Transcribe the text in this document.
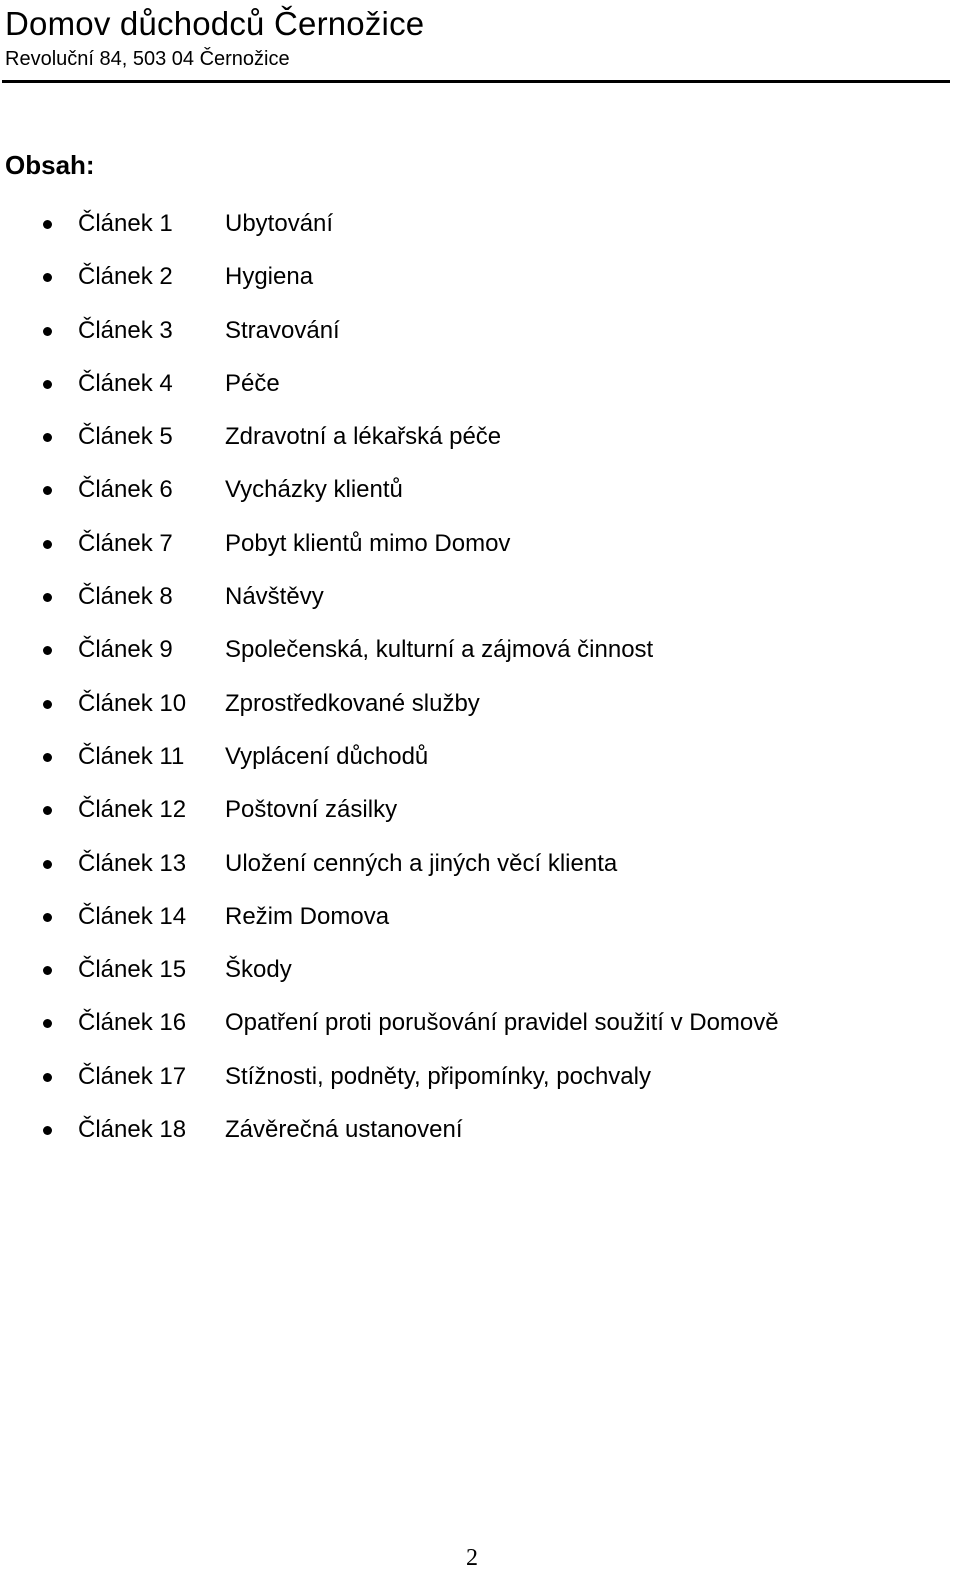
Domov důchodců Černožice
Revoluční 84, 503 04 Černožice
Obsah:
Článek 1 Ubytování
Článek 2 Hygiena
Článek 3 Stravování
Článek 4 Péče
Článek 5 Zdravotní a lékařská péče
Článek 6 Vycházky klientů
Článek 7 Pobyt klientů mimo Domov
Článek 8 Návštěvy
Článek 9 Společenská, kulturní a zájmová činnost
Článek 10 Zprostředkované služby
Článek 11 Vyplácení důchodů
Článek 12 Poštovní zásilky
Článek 13 Uložení cenných a jiných věcí klienta
Článek 14 Režim Domova
Článek 15 Škody
Článek 16 Opatření proti porušování pravidel soužití v Domově
Článek 17 Stížnosti, podněty, připomínky, pochvaly
Článek 18 Závěrečná ustanovení
2
